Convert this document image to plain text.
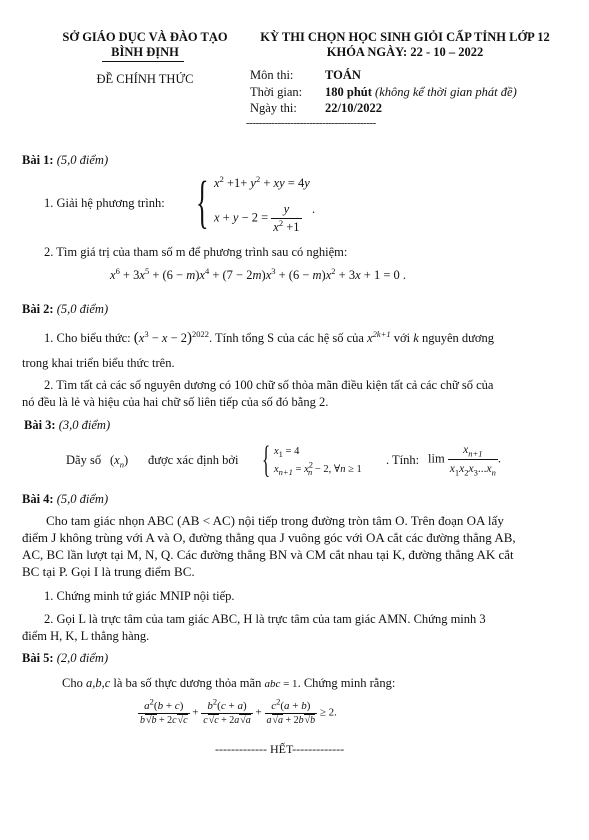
SỞ GIÁO DỤC VÀ ĐÀO TẠO
BÌNH ĐỊNH
ĐỀ CHÍNH THỨC
KỲ THI CHỌN HỌC SINH GIỎI CẤP TỈNH LỚP 12
KHÓA NGÀY: 22 - 10 – 2022
Môn thi:	TOÁN
Thời gian: 180 phút (không kể thời gian phát đề)
Ngày thi: 22/10/2022
-----------------------------------------
Bài 1: (5,0 điểm)
1. Giải hệ phương trình: { $x^2 +1+ y^2$ + xy = 4y
$x + y - 2 = \frac{y}{x^2 +1}$ .
2. Tìm giá trị của tham số m để phương trình sau có nghiệm:
$x^6 + 3x^5 + (6 - m)x^4 + (7 - 2m)x^3 + (6 - m)x^2 + 3x + 1 = 0$ .
Bài 2: (5,0 điểm)
1. Cho biểu thức: $(x^3 - x - 2)^{2022}$. Tính tổng S của các hệ số của $x^{2k+1}$ với k nguyên dương
trong khai triển biểu thức trên.
2. Tìm tất cả các số nguyên dương có 100 chữ số thỏa mãn điều kiện tất cả các chữ số của
nó đều là lẻ và hiệu của hai chữ số liên tiếp của số đó bằng 2.
Bài 3: (3,0 điểm)
Dãy số $(x_n)$ được xác định bởi { $x_1 = 4$
$x_{n+1} = x^2_n - 2$, ∀n ≥ 1
. Tính: $\lim \frac{x_{n+1}}{x_1x_2x_3...x_n}$ .
Bài 4: (5,0 điểm)
Cho tam giác nhọn ABC (AB < AC) nội tiếp trong đường tròn tâm O. Trên đoạn OA lấy
điểm J không trùng với A và O, đường thẳng qua J vuông góc với OA cắt các đường thẳng AB,
AC, BC lần lượt tại M, N, Q. Các đường thẳng BN và CM cắt nhau tại K, đường thẳng AK cắt
BC tại P. Gọi I là trung điểm BC.
1. Chứng minh tứ giác MNIP nội tiếp.
2. Gọi L là trực tâm của tam giác ABC, H là trực tâm của tam giác AMN. Chứng minh 3
điểm H, K, L thẳng hàng.
Bài 5: (2,0 điểm)
Cho a,b,c là ba số thực dương thỏa mãn abc = 1. Chứng minh rằng:
$\frac{a^2(b + c)}{b√b + 2c√c} + \frac{b^2(c + a)}{c√c + 2a√a} + \frac{c^2(a + b)}{a√a + 2b√b} \ge 2$.
------------- HẾT-------------
